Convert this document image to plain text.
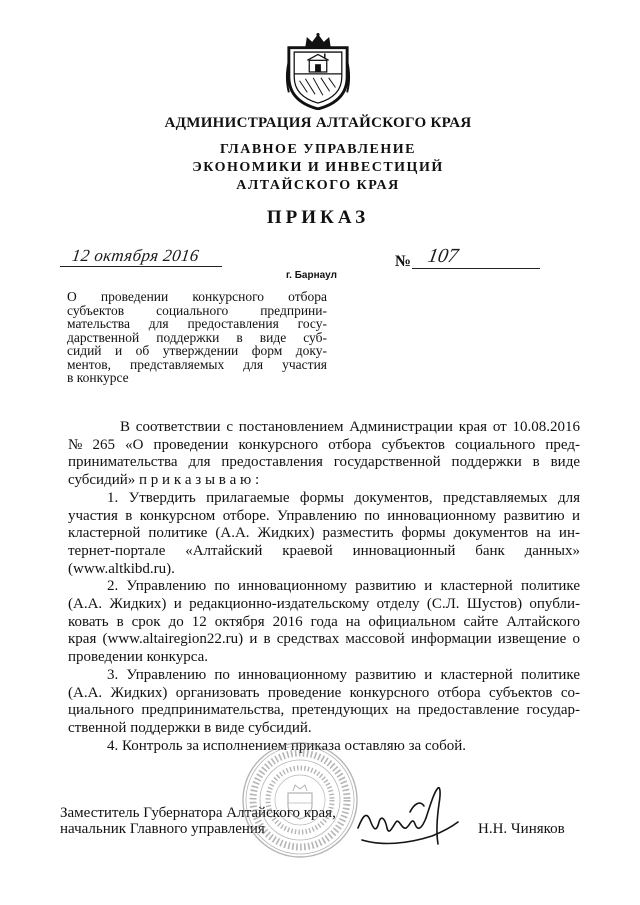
АДМИНИСТРАЦИЯ АЛТАЙСКОГО КРАЯ
ГЛАВНОЕ УПРАВЛЕНИЕ
ЭКОНОМИКИ И ИНВЕСТИЦИЙ
АЛТАЙСКОГО КРАЯ
ПРИКАЗ
12 октября 2016	№ 107
г. Барнаул
О проведении конкурсного отбора
субъектов социального предприни-
мательства для предоставления госу-
дарственной поддержки в виде суб-
сидий и об утверждении форм доку-
ментов, представляемых для участия
в конкурсе
В соответствии с постановлением Администрации края от 10.08.2016
№ 265 «О проведении конкурсного отбора субъектов социального пред-
принимательства для предоставления государственной поддержки в виде
субсидий» п р и к а з ы в а ю :
1. Утвердить прилагаемые формы документов, представляемых для
участия в конкурсном отборе. Управлению по инновационному развитию и
кластерной политике (А.А. Жидких) разместить формы документов на ин-
тернет-портале «Алтайский краевой инновационный банк данных»
(www.altkibd.ru).
2. Управлению по инновационному развитию и кластерной политике
(А.А. Жидких) и редакционно-издательскому отделу (С.Л. Шустов) опубли-
ковать в срок до 12 октября 2016 года на официальном сайте Алтайского
края (www.altairegion22.ru) и в средствах массовой информации извещение о
проведении конкурса.
3. Управлению по инновационному развитию и кластерной политике
(А.А. Жидких) организовать проведение конкурсного отбора субъектов со-
циального предпринимательства, претендующих на предоставление государ-
ственной поддержки в виде субсидий.
4. Контроль за исполнением приказа оставляю за собой.
Заместитель Губернатора Алтайского края,
начальник Главного управления	Н.Н. Чиняков
